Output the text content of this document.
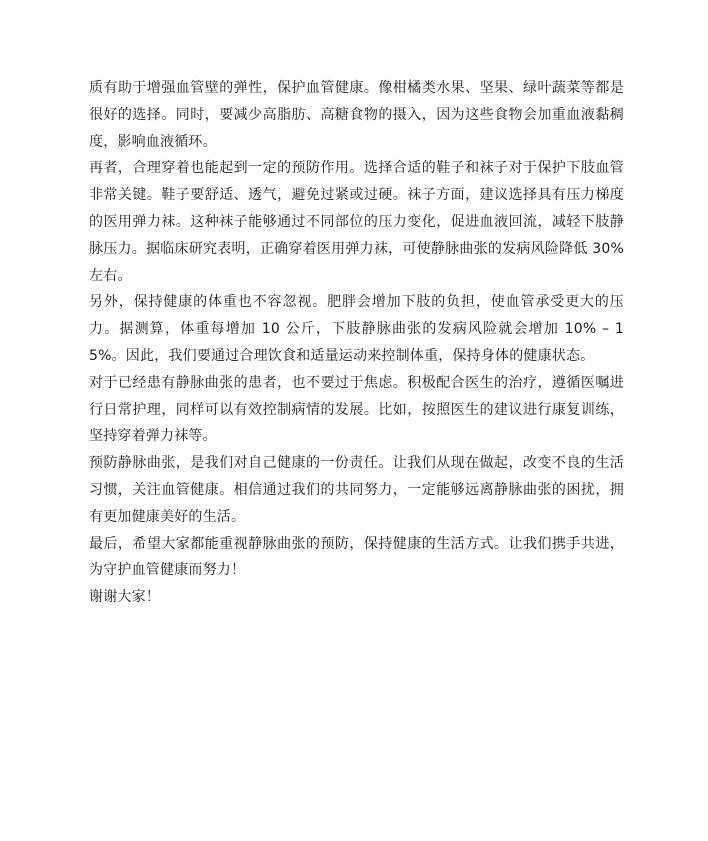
质有助于增强血管壁的弹性，保护血管健康。像柑橘类水果、坚果、绿叶蔬菜等都是很好的选择。同时，要减少高脂肪、高糖食物的摄入，因为这些食物会加重血液黏稠度，影响血液循环。

再者，合理穿着也能起到一定的预防作用。选择合适的鞋子和袜子对于保护下肢血管非常关键。鞋子要舒适、透气，避免过紧或过硬。袜子方面，建议选择具有压力梯度的医用弹力袜。这种袜子能够通过不同部位的压力变化，促进血液回流，减轻下肢静脉压力。据临床研究表明，正确穿着医用弹力袜，可使静脉曲张的发病风险降低 30%左右。

另外，保持健康的体重也不容忽视。肥胖会增加下肢的负担，使血管承受更大的压力。据测算，体重每增加 10 公斤，下肢静脉曲张的发病风险就会增加 10% – 15%。因此，我们要通过合理饮食和适量运动来控制体重，保持身体的健康状态。

对于已经患有静脉曲张的患者，也不要过于焦虑。积极配合医生的治疗，遵循医嘱进行日常护理，同样可以有效控制病情的发展。比如，按照医生的建议进行康复训练，坚持穿着弹力袜等。

预防静脉曲张，是我们对自己健康的一份责任。让我们从现在做起，改变不良的生活习惯，关注血管健康。相信通过我们的共同努力，一定能够远离静脉曲张的困扰，拥有更加健康美好的生活。

最后，希望大家都能重视静脉曲张的预防，保持健康的生活方式。让我们携手共进，为守护血管健康而努力！

谢谢大家！
